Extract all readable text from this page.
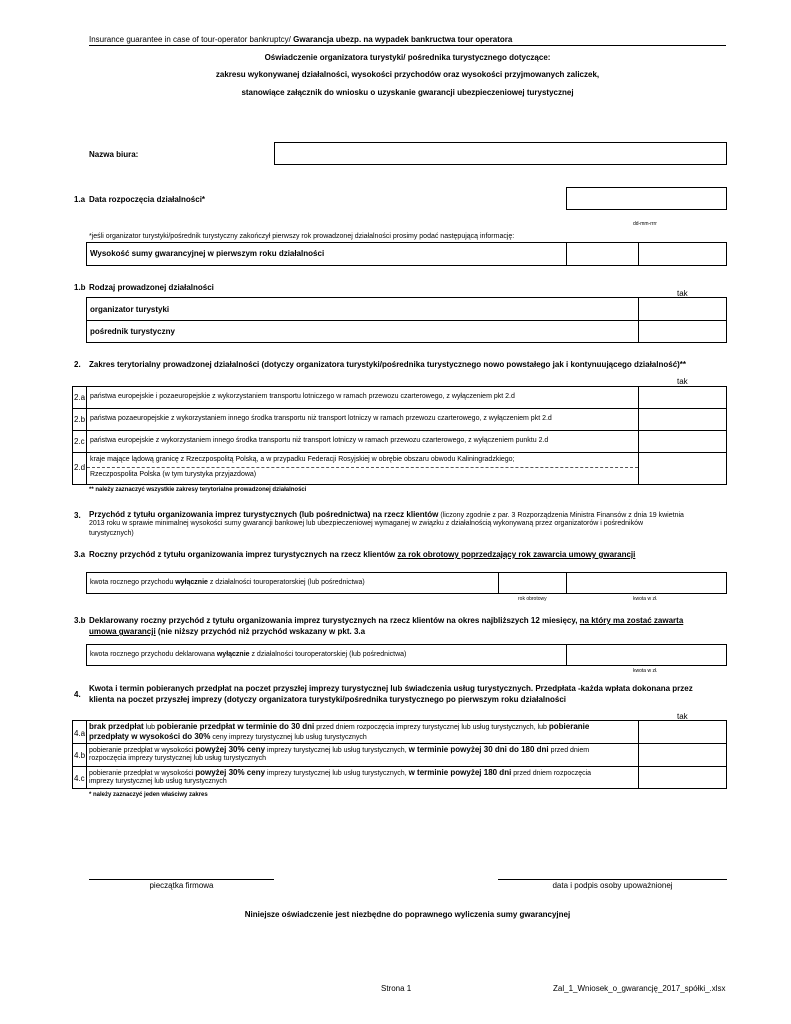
Insurance guarantee in case of tour-operator bankruptcy/ Gwarancja ubezp. na wypadek bankructwa tour operatora
Oświadczenie organizatora turystyki/ pośrednika turystycznego dotyczące:
zakresu wykonywanej działalności, wysokości przychodów oraz wysokości przyjmowanych zaliczek,
stanowiące załącznik do wniosku o uzyskanie gwarancji ubezpieczeniowej turystycznej
Nazwa biura:
1.a Data rozpoczęcia działalności*
dd-mm-rrrr
*jeśli organizator turystyki/pośrednik turystyczny zakończył pierwszy rok prowadzonej działalności prosimy podać następującą informację:
Wysokość sumy gwarancyjnej w pierwszym roku działalności
1.b Rodzaj prowadzonej działalności
tak
organizator turystyki
pośrednik turystyczny
2. Zakres terytorialny prowadzonej działalności (dotyczy organizatora turystyki/pośrednika turystycznego nowo powstałego jak i kontynuującego działalność)**
tak
2.a państwa europejskie i pozaeuropejskie z wykorzystaniem transportu lotniczego w ramach przewozu czarterowego, z wyłączeniem pkt 2.d
2.b państwa pozaeuropejskie z wykorzystaniem innego środka transportu niż transport lotniczy w ramach przewozu czarterowego, z wyłączeniem pkt 2.d
2.c państwa europejskie z wykorzystaniem innego środka transportu niż transport lotniczy w ramach przewozu czarterowego, z wyłączeniem punktu 2.d
2.d
kraje mające lądową granicę z Rzeczpospolitą Polską, a w przypadku Federacji Rosyjskiej w obrębie obszaru obwodu Kaliningradzkiego;
Rzeczpospolita Polska (w tym turystyka przyjazdowa)
** należy zaznaczyć wszystkie zakresy terytorialne prowadzonej działalności
3. Przychód z tytułu organizowania imprez turystycznych (lub pośrednictwa) na rzecz klientów (liczony zgodnie z par. 3 Rozporządzenia Ministra Finansów z dnia 19 kwietnia
2013 roku w sprawie minimalnej wysokości sumy gwarancji bankowej lub ubezpieczeniowej wymaganej w związku z działalnością wykonywaną przez organizatorów i pośredników
turystycznych)
3.a Roczny przychód z tytułu organizowania imprez turystycznych na rzecz klientów za rok obrotowy poprzedzający rok zawarcia umowy gwarancji
kwota rocznego przychodu wyłącznie z działalności touroperatorskiej (lub pośrednictwa)
rok obrotowy	kwota w zł.
3.b Deklarowany roczny przychód z tytułu organizowania imprez turystycznych na rzecz klientów na okres najbliższych 12 miesięcy, na który ma zostać zawarta
umowa gwarancji (nie niższy przychód niż przychód wskazany w pkt. 3.a
kwota rocznego przychodu deklarowana wyłącznie z działalności touroperatorskiej (lub pośrednictwa)
kwota w zł.
4.
Kwota i termin pobieranych przedpłat na poczet przyszłej imprezy turystycznej lub świadczenia usług turystycznych. Przedpłata -każda wpłata dokonana przez
klienta na poczet przyszłej imprezy (dotyczy organizatora turystyki/pośrednika turystycznego po pierwszym roku działalności
tak
4.a
brak przedpłat lub pobieranie przedpłat w terminie do 30 dni przed dniem rozpoczęcia imprezy turystycznej lub usług turystycznych, lub pobieranie
przedpłaty w wysokości do 30% ceny imprezy turystycznej lub usług turystycznych
4.b
pobieranie przedpłat w wysokości powyżej 30% ceny imprezy turystycznej lub usług turystycznych, w terminie powyżej 30 dni do 180 dni przed dniem
rozpoczęcia imprezy turystycznej lub usług turystycznych
4.c
pobieranie przedpłat w wysokości powyżej 30% ceny imprezy turystycznej lub usług turystycznych, w terminie powyżej 180 dni przed dniem rozpoczęcia
imprezy turystycznej lub usług turystycznych
* należy zaznaczyć jeden właściwy zakres
pieczątka firmowa	data i podpis osoby upoważnionej
Niniejsze oświadczenie jest niezbędne do poprawnego wyliczenia sumy gwarancyjnej
Strona 1	Zal_1_Wniosek_o_gwarancję_2017_spółki_.xlsx
